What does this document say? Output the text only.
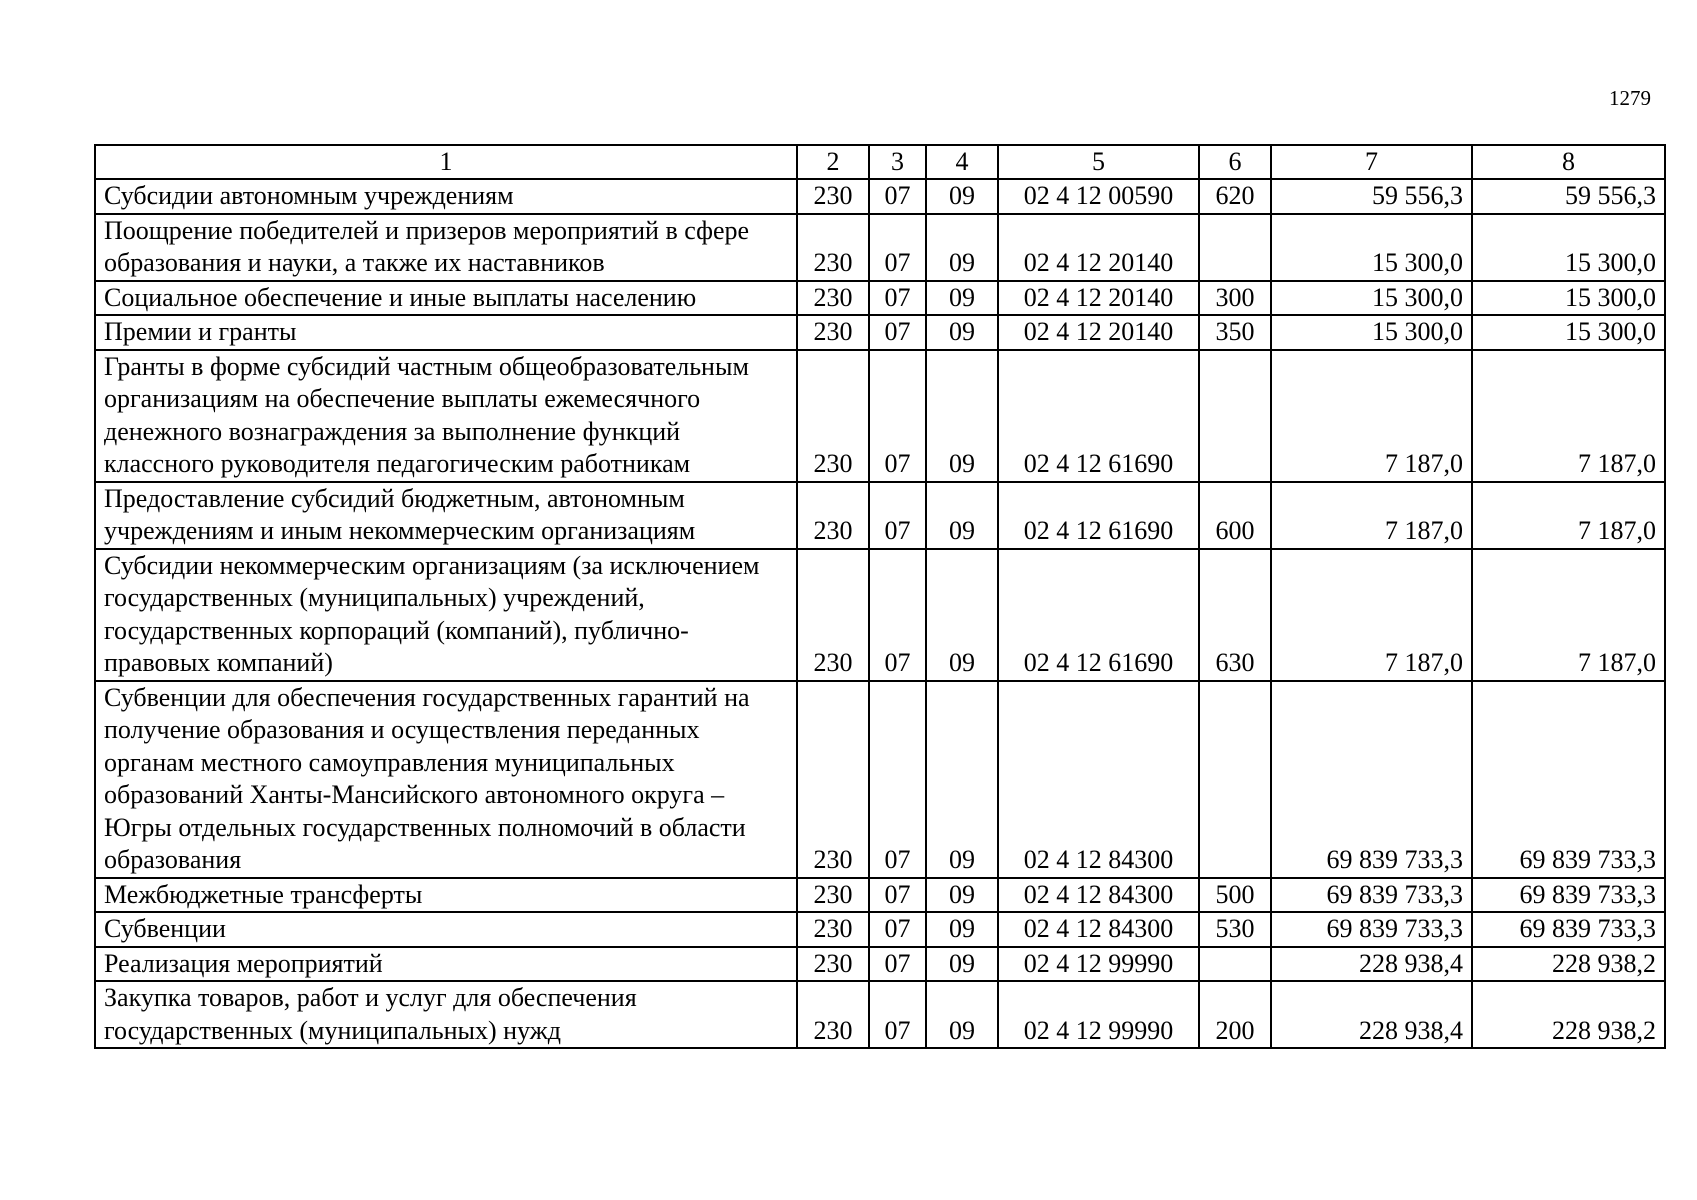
1279
1	2	3	4	5	6	7	8
Субсидии автономным учреждениям	230	07	09	02 4 12 00590	620	59 556,3	59 556,3
Поощрение победителей и призеров мероприятий в сфере образования и науки, а также их наставников	230	07	09	02 4 12 20140		15 300,0	15 300,0
Социальное обеспечение и иные выплаты населению	230	07	09	02 4 12 20140	300	15 300,0	15 300,0
Премии и гранты	230	07	09	02 4 12 20140	350	15 300,0	15 300,0
Гранты в форме субсидий частным общеобразовательным организациям на обеспечение выплаты ежемесячного денежного вознаграждения за выполнение функций классного руководителя педагогическим работникам	230	07	09	02 4 12 61690		7 187,0	7 187,0
Предоставление субсидий бюджетным, автономным учреждениям и иным некоммерческим организациям	230	07	09	02 4 12 61690	600	7 187,0	7 187,0
Субсидии некоммерческим организациям (за исключением государственных (муниципальных) учреждений, государственных корпораций (компаний), публично-правовых компаний)	230	07	09	02 4 12 61690	630	7 187,0	7 187,0
Субвенции для обеспечения государственных гарантий на получение образования и осуществления переданных органам местного самоуправления муниципальных образований Ханты-Мансийского автономного округа – Югры отдельных государственных полномочий в области образования	230	07	09	02 4 12 84300		69 839 733,3	69 839 733,3
Межбюджетные трансферты	230	07	09	02 4 12 84300	500	69 839 733,3	69 839 733,3
Субвенции	230	07	09	02 4 12 84300	530	69 839 733,3	69 839 733,3
Реализация мероприятий	230	07	09	02 4 12 99990		228 938,4	228 938,2
Закупка товаров, работ и услуг для обеспечения государственных (муниципальных) нужд	230	07	09	02 4 12 99990	200	228 938,4	228 938,2
